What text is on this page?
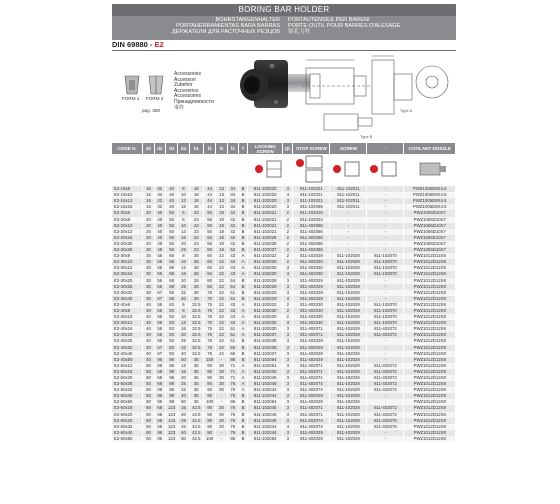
BORING BAR HOLDER
BOHRSTANGENHALTER
PORTAHERRAMIENTAS BARA BARRAS
ДЕРЖАТЕЛИ ДЛЯ РАСТОЧНЫХ РЕЗЦОВ
PORTAUTENSILE PER BARENI
PORTE-OUTIL POUR BARRES D'ALESAGE
镗孔刀杆
DIN 69880 - E2
Type A
Type B
FORM 1 FORM 2
pag. 368
Accessories
Accessori
Zubehör
Accesorios
Accessoires
Принадлежности
零件
CODE N.	d1	d2	d3	d4	h1	l1	l2	l3	T	LOCKING SCREW	Qt.	STOP SCREW	SCREW	-	COOLANT NOZZLE

E2-16x8	16	32	40	8	18	44	13	34	B	811-102020	3	811-102021	811-102011	-	PWZ1005D8X4.5
E2-16x10	16	32	40	10	18	44	13	34	B	811-102020	3	811-102021	811-102011	-	PWZ1005D8X4.5
E2-16x12	16	32	40	12	18	44	13	34	B	811-102020	3	811-102021	811-102011	-	PWZ1005D8X4.5
E2-16x16	16	32	40	16	18	44	13	34	B	811-102020	3	811-102065	811-102011	-	PWZ1005D8X4.5
E2-20x6	20	40	50	6	23	50	18	42	B	811-102021	2	811-102015	-	-	PWZ1006D10X7
E2-20x8	20	40	50	8	23	50	18	42	B	811-102021	2	811-102023	-	-	PWZ1006D10X7
E2-20x10	20	40	50	10	23	50	18	42	B	811-102021	2	811-402066	-	-	PWZ1006D10X7
E2-20x12	20	40	50	12	23	50	18	42	B	811-102021	2	811-402066	-	-	PWZ1006D10X7
E2-20x16	20	40	50	16	23	50	18	42	B	811-102028	2	811-402066	-	-	PWZ1006D10X7
E2-20x20	20	49	50	20	23	50	18	42	B	811-102028	2	811-402066	-	-	PWZ1006D10X7
E2-20x25	20	49	50	25	23	50	18	52	B	811-102027	2	811-402066	-	-	PWZ1006D10X7
E2-30x8	30	55	68	8	28	60	22	43	A	811-102022	2	811-102029	811-102029	811-102070	PWZ1012D12X8
E2-30x10	30	55	68	10	28	60	22	43	A	811-102030	2	811-402030	811-102029	811-102070	PWZ1012D12X8
E2-30x12	30	55	68	12	28	60	22	43	A	811-102030	3	811-402030	811-102029	811-102070	PWZ1012D12X8
E2-30x16	30	55	68	16	28	60	22	43	A	811-102030	3	811-402030	811-102029	811-102070	PWZ1012D12X8
E2-30x20	30	55	68	20	28	60	22	54	B	811-102028	3	811-402029	811-102029	-	PWZ1012D12X8
E2-30x25	30	55	68	25	28	60	22	54	B	811-102029	3	811-402029	811-102029	-	PWZ1012D12X8
E2-30x32	30	67	68	32	28	75	22	61	B	811-102029	3	811-402029	811-102029	-	PWZ1012D12X8
E2-30x40	30	67	68	40	28	75	22	61	B	811-102029	3	811-402029	811-102029	-	PWZ1012D12X8
E2-40x6	40	55	83	6	32.5	75	22	43	A	811-102022	2	811-402030	811-102029	811-102070	PWZ1012D12X8
E2-40x8	40	55	83	8	32.5	75	22	43	A	811-102030	2	811-402030	811-102029	811-102070	PWZ1012D12X8
E2-40x10	40	55	83	10	32.5	75	22	43	A	811-102030	2	811-402030	811-102029	811-102070	PWZ1012D12X8
E2-40x12	40	55	83	12	32.5	75	22	43	A	811-102030	3	811-402030	811-102029	811-102070	PWZ1012D12X8
E2-40x16	40	55	83	16	32.5	75	22	51	A	811-102030	3	811-402071	811-102029	811-402072	PWZ1012D12X8
E2-40x20	40	55	83	20	32.5	75	22	51	A	811-102037	3	811-402071	811-102029	811-402072	PWZ1012D12X8
E2-40x25	40	55	83	25	32.5	75	22	61	B	811-102038	3	811-402029	811-102029	-	PWZ1012D12X8
E2-40x32	40	67	83	32	32.5	75	22	66	B	811-102038	3	811-402029	811-102029	-	PWZ1012D12X8
E2-40x40	40	67	83	40	32.5	75	22	66	B	811-102037	3	811-402029	811-102029	-	PWZ1012D12X8
E2-40x50	40	96	98	50	35	100	-	86	B	811-102064	3	811-402029	811-102029	-	PWZ1012D12X8
E2-50x12	50	68	98	12	35	90	30	71	A	811-102051	3	811-402071	811-102029	811-402072	PWZ1012D12X8
E2-50x16	50	68	98	16	35	90	30	71	A	811-102030	3	811-402071	811-102029	811-402072	PWZ1012D12X8
E2-50x20	50	68	98	20	35	90	30	71	A	811-102045	3	811-402071	811-102029	811-402072	PWZ1012D12X8
E2-50x25	50	68	98	25	35	90	30	76	A	811-102045	3	811-402074	811-102029	811-402072	PWZ1012D12X8
E2-50x32	50	68	98	32	35	90	30	76	A	811-102044	3	811-402074	811-102029	811-402072	PWZ1012D12X8
E2-50x40	50	96	98	40	35	90	-	76	B	811-102044	3	811-402029	811-102029	-	PWZ1012D12X8
E2-50x50	50	96	98	50	35	100	-	86	B	811-102064	3	811-402029	811-102029	-	PWZ1012D12X8
E2-60x16	60	68	123	16	42.5	90	30	76	B	811-102045	3	811-402071	811-102029	811-402072	PWZ1012D12X8
E2-60x20	60	68	123	20	42.5	90	30	76	B	811-102045	3	811-402071	811-102029	811-402072	PWZ1012D12X8
E2-60x25	60	68	123	25	42.5	90	30	76	B	811-102045	3	811-402074	811-102029	811-402075	PWZ1012D12X8
E2-60x32	60	68	123	32	42.5	90	30	76	B	811-102044	3	811-402074	811-102029	811-402075	PWZ1012D12X8
E2-60x40	60	96	123	40	42.5	90	-	76	B	811-102044	3	811-402029	811-102029	-	PWZ1012D12X8
E2-60x50	60	96	123	50	42.5	100	-	86	B	811-102064	3	811-402029	811-102029	-	PWZ1012D12X8
